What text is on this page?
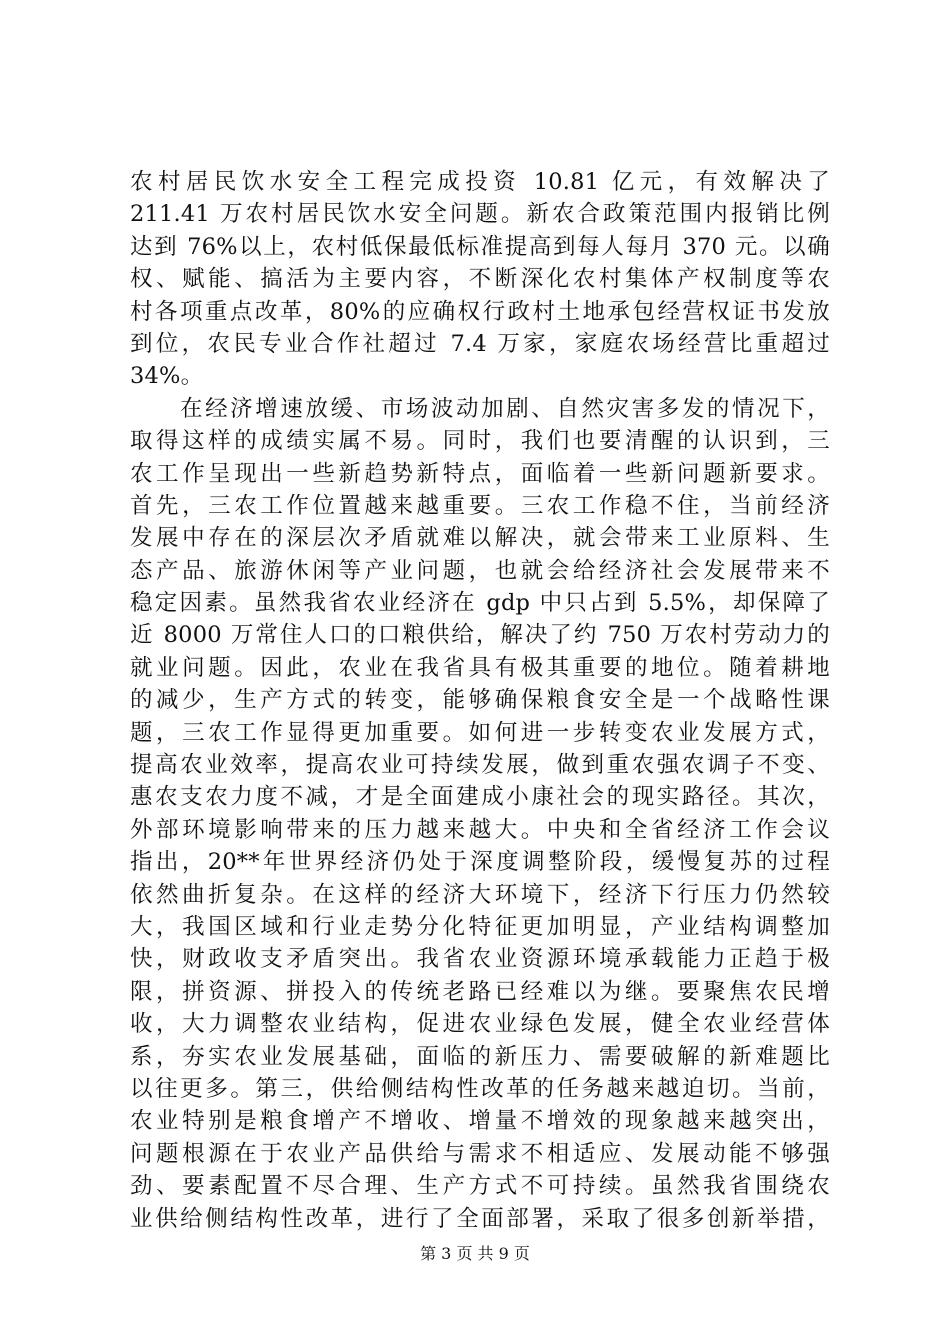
农村居民饮水安全工程完成投资 10.81 亿元，有效解决了
211.41 万农村居民饮水安全问题。新农合政策范围内报销比例
达到 76%以上，农村低保最低标准提高到每人每月 370 元。以确
权、赋能、搞活为主要内容，不断深化农村集体产权制度等农
村各项重点改革，80%的应确权行政村土地承包经营权证书发放
到位，农民专业合作社超过 7.4 万家，家庭农场经营比重超过
34%。
在经济增速放缓、市场波动加剧、自然灾害多发的情况下，
取得这样的成绩实属不易。同时，我们也要清醒的认识到，三
农工作呈现出一些新趋势新特点，面临着一些新问题新要求。
首先，三农工作位置越来越重要。三农工作稳不住，当前经济
发展中存在的深层次矛盾就难以解决，就会带来工业原料、生
态产品、旅游休闲等产业问题，也就会给经济社会发展带来不
稳定因素。虽然我省农业经济在 gdp 中只占到 5.5%，却保障了
近 8000 万常住人口的口粮供给，解决了约 750 万农村劳动力的
就业问题。因此，农业在我省具有极其重要的地位。随着耕地
的减少，生产方式的转变，能够确保粮食安全是一个战略性课
题，三农工作显得更加重要。如何进一步转变农业发展方式，
提高农业效率，提高农业可持续发展，做到重农强农调子不变、
惠农支农力度不减，才是全面建成小康社会的现实路径。其次，
外部环境影响带来的压力越来越大。中央和全省经济工作会议
指出，20**年世界经济仍处于深度调整阶段，缓慢复苏的过程
依然曲折复杂。在这样的经济大环境下，经济下行压力仍然较
大，我国区域和行业走势分化特征更加明显，产业结构调整加
快，财政收支矛盾突出。我省农业资源环境承载能力正趋于极
限，拼资源、拼投入的传统老路已经难以为继。要聚焦农民增
收，大力调整农业结构，促进农业绿色发展，健全农业经营体
系，夯实农业发展基础，面临的新压力、需要破解的新难题比
以往更多。第三，供给侧结构性改革的任务越来越迫切。当前，
农业特别是粮食增产不增收、增量不增效的现象越来越突出，
问题根源在于农业产品供给与需求不相适应、发展动能不够强
劲、要素配置不尽合理、生产方式不可持续。虽然我省围绕农
业供给侧结构性改革，进行了全面部署，采取了很多创新举措，
第 3 页 共 9 页
